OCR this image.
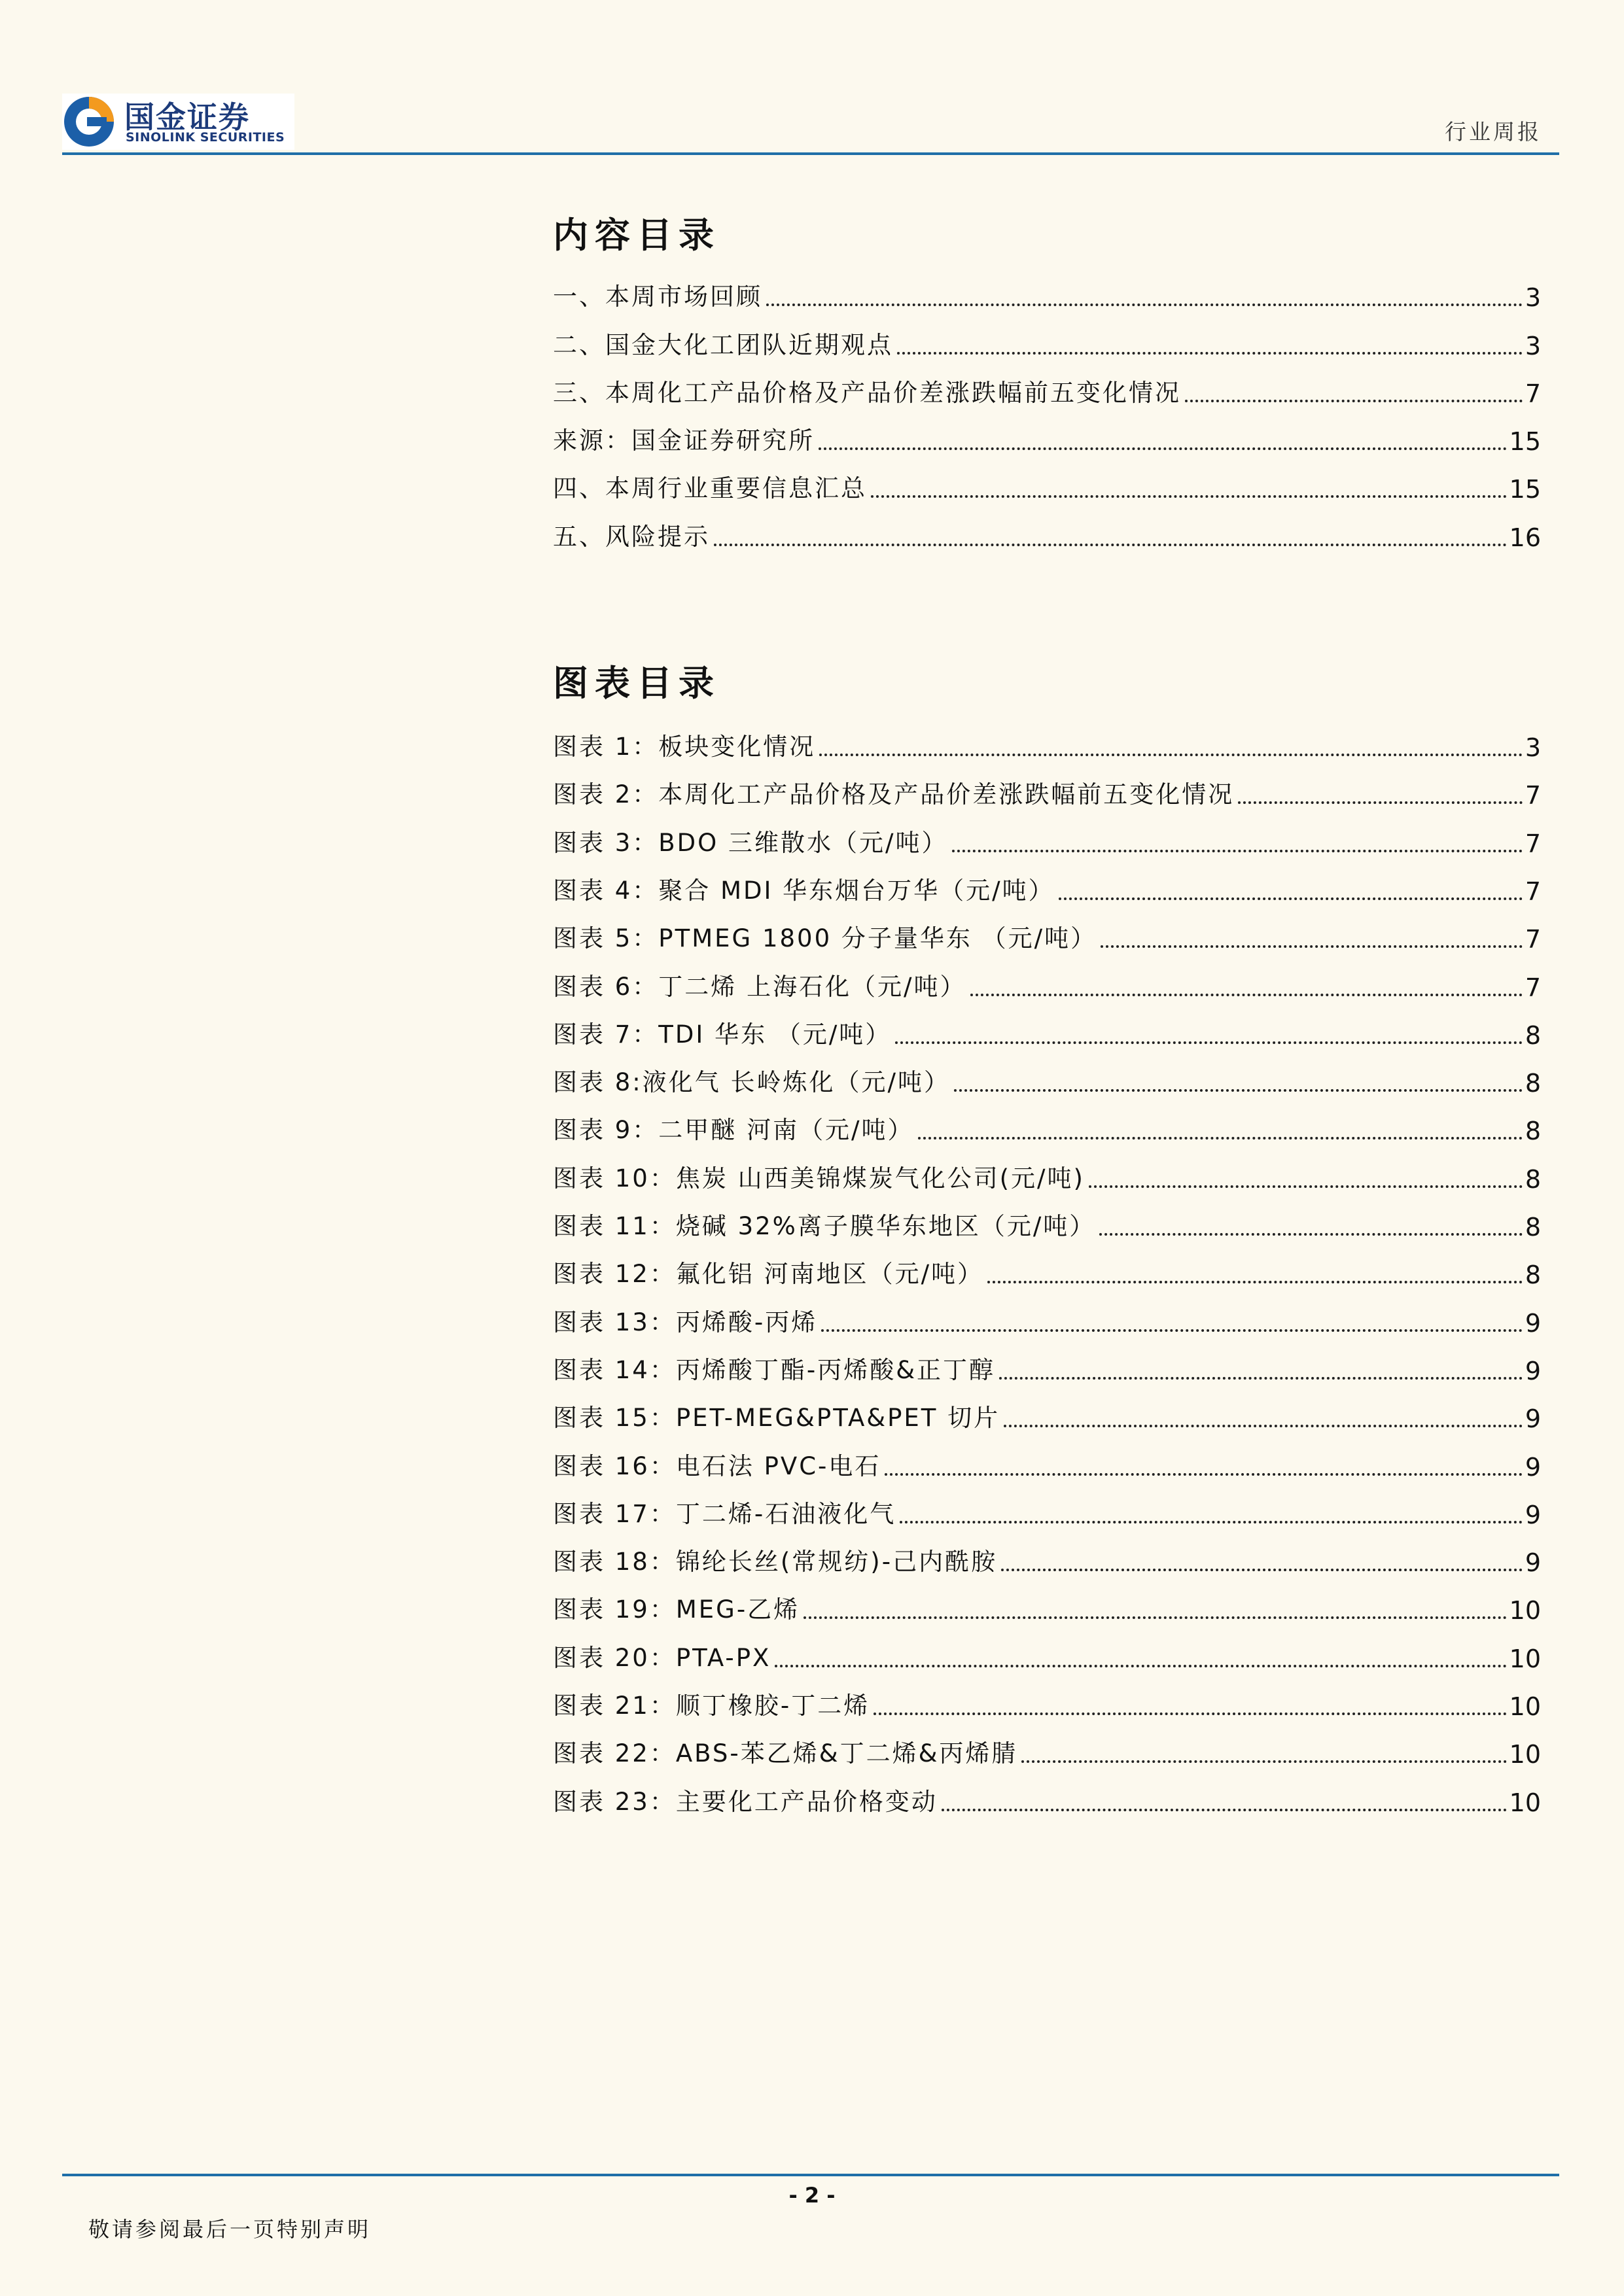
国金证券
SINOLINK SECURITIES	行业周报
内容目录
一、本周市场回顾	3
二、国金大化工团队近期观点	3
三、本周化工产品价格及产品价差涨跌幅前五变化情况	7
来源：国金证券研究所	15
四、本周行业重要信息汇总	15
五、风险提示	16
图表目录
图表 1：板块变化情况	3
图表 2：本周化工产品价格及产品价差涨跌幅前五变化情况	7
图表 3：BDO 三维散水（元/吨）	7
图表 4：聚合 MDI 华东烟台万华（元/吨）	7
图表 5：PTMEG 1800 分子量华东 （元/吨）	7
图表 6：丁二烯 上海石化（元/吨）	7
图表 7：TDI 华东 （元/吨）	8
图表 8:液化气 长岭炼化（元/吨）	8
图表 9：二甲醚 河南（元/吨）	8
图表 10：焦炭 山西美锦煤炭气化公司(元/吨)	8
图表 11：烧碱 32%离子膜华东地区（元/吨）	8
图表 12：氟化铝 河南地区（元/吨）	8
图表 13：丙烯酸-丙烯	9
图表 14：丙烯酸丁酯-丙烯酸&正丁醇	9
图表 15：PET-MEG&PTA&PET 切片	9
图表 16：电石法 PVC-电石	9
图表 17：丁二烯-石油液化气	9
图表 18：锦纶长丝(常规纺)-己内酰胺	9
图表 19：MEG-乙烯	10
图表 20：PTA-PX	10
图表 21：顺丁橡胶-丁二烯	10
图表 22：ABS-苯乙烯&丁二烯&丙烯腈	10
图表 23：主要化工产品价格变动	10
- 2 -
敬请参阅最后一页特别声明
